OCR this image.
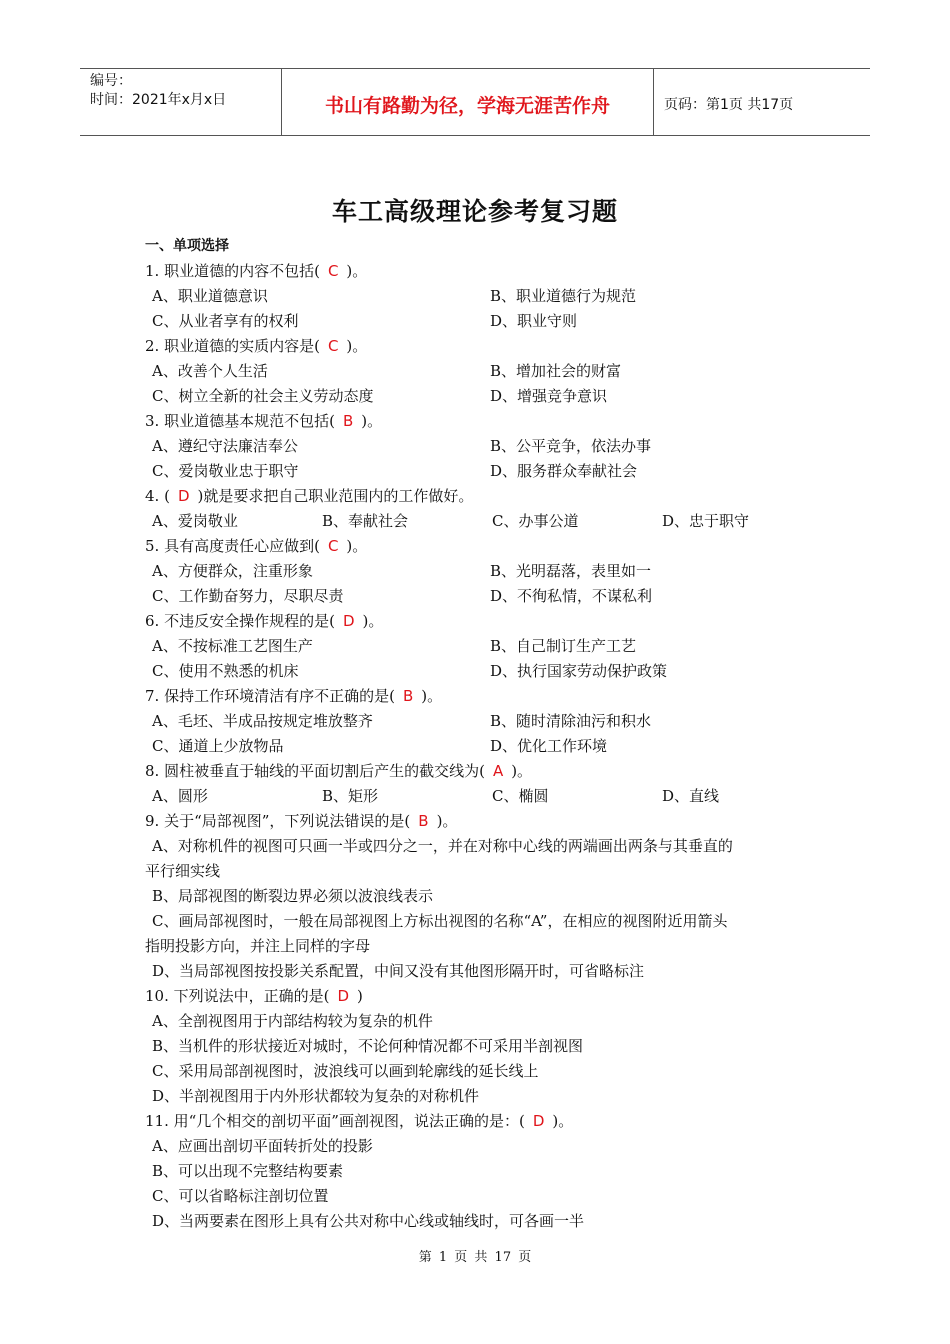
编号：
时间：2021年x月x日	书山有路勤为径，学海无涯苦作舟	页码：第1页 共17页
车工高级理论参考复习题
一、单项选择
1. 职业道德的内容不包括( C )。
A、职业道德意识	B、职业道德行为规范
C、从业者享有的权利	D、职业守则
2. 职业道德的实质内容是( C )。
A、改善个人生活	B、增加社会的财富
C、树立全新的社会主义劳动态度	D、增强竞争意识
3. 职业道德基本规范不包括( B )。
A、遵纪守法廉洁奉公	B、公平竞争，依法办事
C、爱岗敬业忠于职守	D、服务群众奉献社会
4. ( D )就是要求把自己职业范围内的工作做好。
A、爱岗敬业	B、奉献社会	C、办事公道	D、忠于职守
5. 具有高度责任心应做到( C )。
A、方便群众，注重形象	B、光明磊落，表里如一
C、工作勤奋努力，尽职尽责	D、不徇私情，不谋私利
6. 不违反安全操作规程的是( D )。
A、不按标准工艺图生产	B、自己制订生产工艺
C、使用不熟悉的机床	D、执行国家劳动保护政策
7. 保持工作环境清洁有序不正确的是( B )。
A、毛坯、半成品按规定堆放整齐	B、随时清除油污和积水
C、通道上少放物品	D、优化工作环境
8. 圆柱被垂直于轴线的平面切割后产生的截交线为( A )。
A、圆形	B、矩形	C、椭圆	D、直线
9. 关于“局部视图”，下列说法错误的是( B )。
A、对称机件的视图可只画一半或四分之一，并在对称中心线的两端画出两条与其垂直的
平行细实线
B、局部视图的断裂边界必须以波浪线表示
C、画局部视图时，一般在局部视图上方标出视图的名称“A”，在相应的视图附近用箭头
指明投影方向，并注上同样的字母
D、当局部视图按投影关系配置，中间又没有其他图形隔开时，可省略标注
10. 下列说法中，正确的是( D )
A、全剖视图用于内部结构较为复杂的机件
B、当机件的形状接近对城时，不论何种情况都不可采用半剖视图
C、采用局部剖视图时，波浪线可以画到轮廓线的延长线上
D、半剖视图用于内外形状都较为复杂的对称机件
11. 用“几个相交的剖切平面”画剖视图，说法正确的是：( D )。
A、应画出剖切平面转折处的投影
B、可以出现不完整结构要素
C、可以省略标注剖切位置
D、当两要素在图形上具有公共对称中心线或轴线时，可各画一半
第 1 页 共 17 页
